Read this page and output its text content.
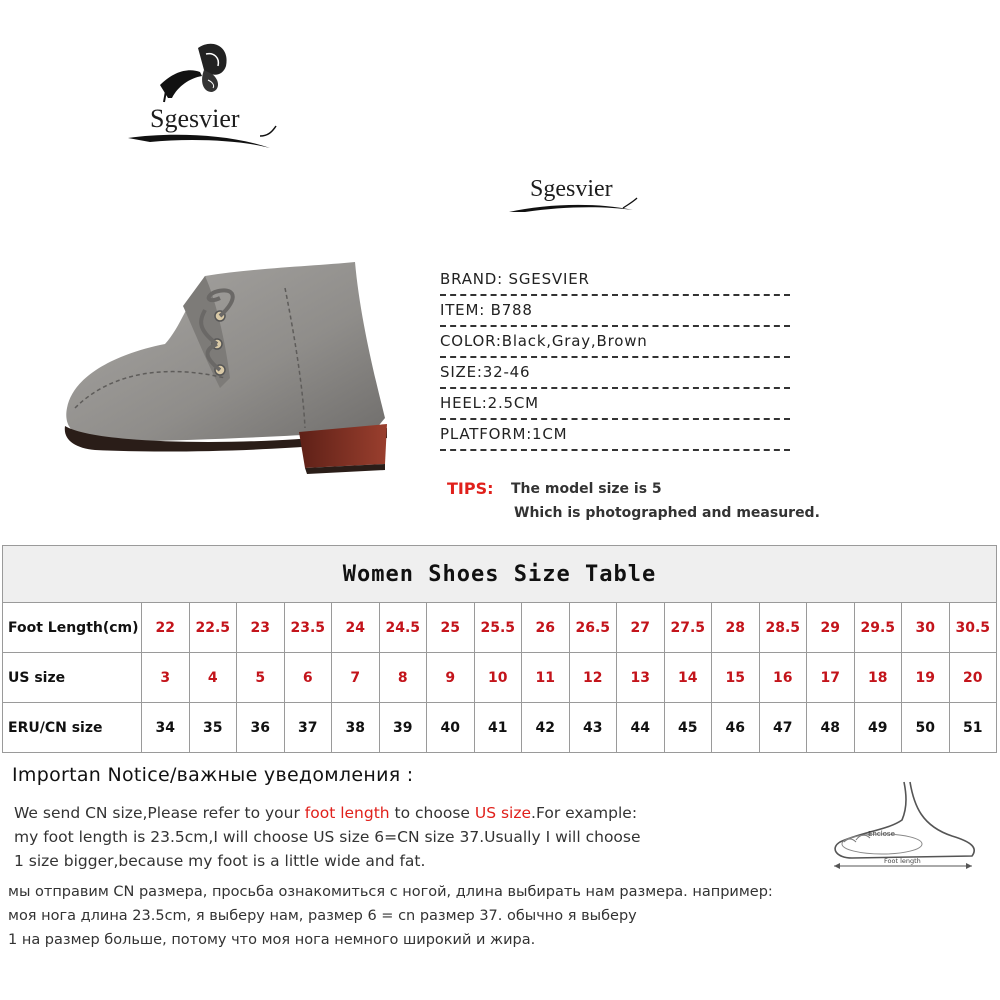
Sgesvier
Sgesvier
BRAND: SGESVIER
ITEM: B788
COLOR:Black,Gray,Brown
SIZE:32-46
HEEL:2.5CM
PLATFORM:1CM
TIPS: The model size is 5
Which is photographed and measured.
Women Shoes Size Table																		
Foot Length(cm)	22	22.5	23	23.5	24	24.5	25	25.5	26	26.5	27	27.5	28	28.5	29	29.5	30	30.5
US size	3	4	5	6	7	8	9	10	11	12	13	14	15	16	17	18	19	20
ERU/CN size	34	35	36	37	38	39	40	41	42	43	44	45	46	47	48	49	50	51
Importan Notice/важные уведомления :
We send CN size,Please refer to your foot length to choose US size.For example:
my foot length is 23.5cm,I will choose US size 6=CN size 37.Usually I will choose
1 size bigger,because my foot is a little wide and fat.
мы отправим CN размера, просьба ознакомиться с ногой, длина выбирать нам размера. например:
моя нога длина 23.5cm, я выберу нам, размер 6 = cn размер 37. обычно я выберу
1 на размер больше, потому что моя нога немного широкий и жира.
Enclose
Foot length
